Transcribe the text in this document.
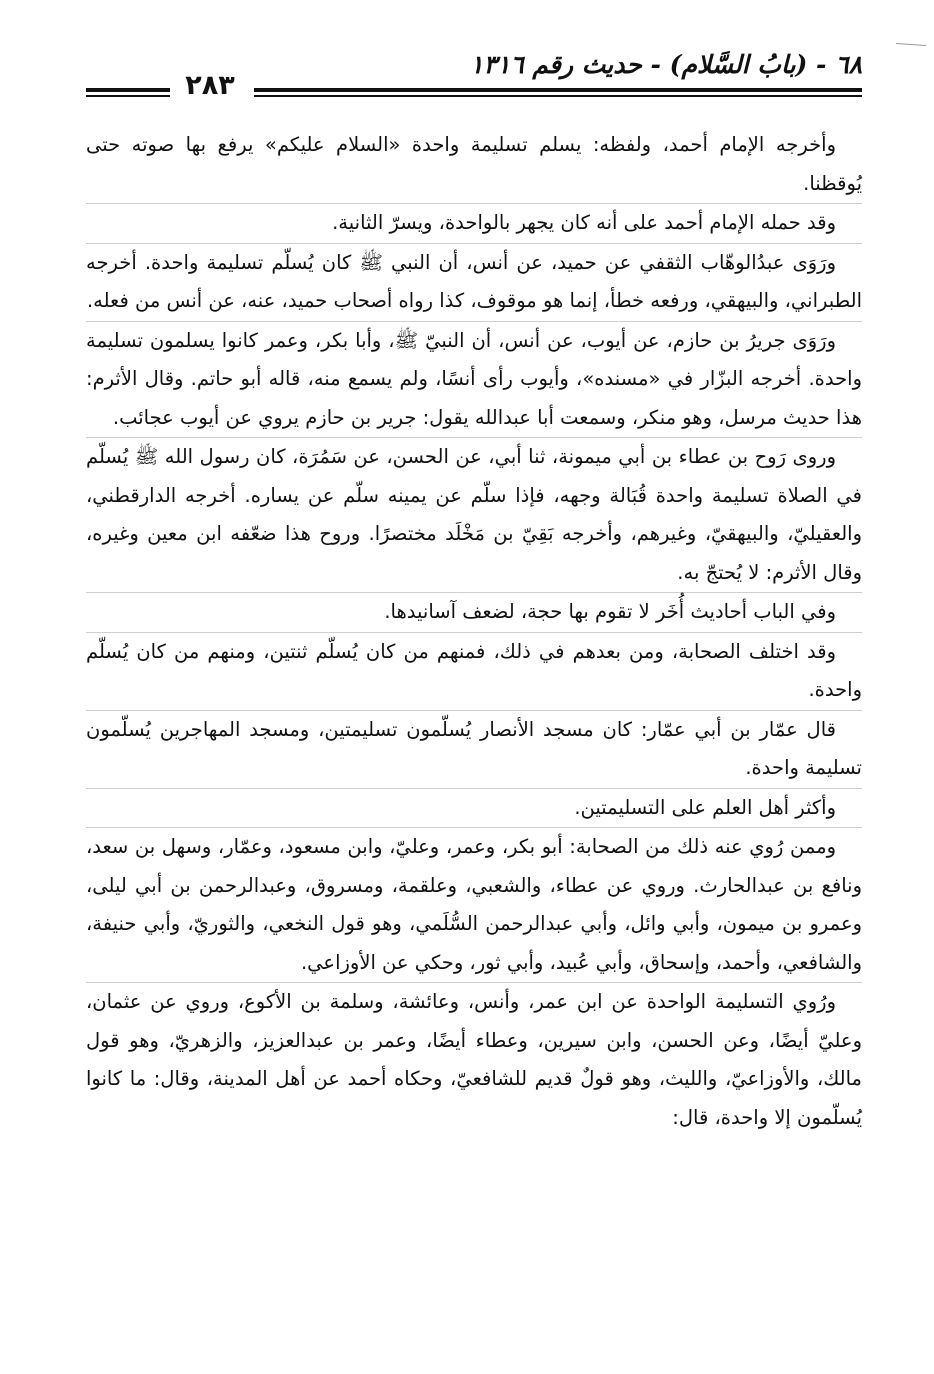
٦٨ - (بابُ السَّلام) - حديث رقم ١٣١٦
٢٨٣

وأخرجه الإمام أحمد، ولفظه: يسلم تسليمة واحدة «السلام عليكم» يرفع بها صوته حتى يُوقظنا.

وقد حمله الإمام أحمد على أنه كان يجهر بالواحدة، ويسرّ الثانية.

ورَوَى عبدُالوهّاب الثقفي عن حميد، عن أنس، أن النبي ﷺ كان يُسلّم تسليمة واحدة. أخرجه الطبراني، والبيهقي، ورفعه خطأ، إنما هو موقوف، كذا رواه أصحاب حميد، عنه، عن أنس من فعله.

ورَوَى جريرُ بن حازم، عن أيوب، عن أنس، أن النبيّ ﷺ، وأبا بكر، وعمر كانوا يسلمون تسليمة واحدة. أخرجه البزّار في «مسنده»، وأيوب رأى أنسًا، ولم يسمع منه، قاله أبو حاتم. وقال الأثرم: هذا حديث مرسل، وهو منكر، وسمعت أبا عبدالله يقول: جرير بن حازم يروي عن أيوب عجائب.

وروى رَوح بن عطاء بن أبي ميمونة، ثنا أبي، عن الحسن، عن سَمُرَة، كان رسول الله ﷺ يُسلّم في الصلاة تسليمة واحدة قُبَالة وجهه، فإذا سلّم عن يمينه سلّم عن يساره. أخرجه الدارقطني، والعقيليّ، والبيهقيّ، وغيرهم، وأخرجه بَقِيّ بن مَخْلَد مختصرًا. وروح هذا ضعّفه ابن معين وغيره، وقال الأثرم: لا يُحتجّ به.

وفي الباب أحاديث أُخَر لا تقوم بها حجة، لضعف آسانيدها.

وقد اختلف الصحابة، ومن بعدهم في ذلك، فمنهم من كان يُسلّم ثنتين، ومنهم من كان يُسلّم واحدة.

قال عمّار بن أبي عمّار: كان مسجد الأنصار يُسلّمون تسليمتين، ومسجد المهاجرين يُسلّمون تسليمة واحدة.

وأكثر أهل العلم على التسليمتين.

وممن رُوي عنه ذلك من الصحابة: أبو بكر، وعمر، وعليّ، وابن مسعود، وعمّار، وسهل بن سعد، ونافع بن عبدالحارث. وروي عن عطاء، والشعبي، وعلقمة، ومسروق، وعبدالرحمن بن أبي ليلى، وعمرو بن ميمون، وأبي وائل، وأبي عبدالرحمن السُّلَمي، وهو قول النخعي، والثوريّ، وأبي حنيفة، والشافعي، وأحمد، وإسحاق، وأبي عُبيد، وأبي ثور، وحكي عن الأوزاعي.

ورُوي التسليمة الواحدة عن ابن عمر، وأنس، وعائشة، وسلمة بن الأكوع، وروي عن عثمان، وعليّ أيضًا، وعن الحسن، وابن سيرين، وعطاء أيضًا، وعمر بن عبدالعزيز، والزهريّ، وهو قول مالك، والأوزاعيّ، والليث، وهو قولٌ قديم للشافعيّ، وحكاه أحمد عن أهل المدينة، وقال: ما كانوا يُسلّمون إلا واحدة، قال:
